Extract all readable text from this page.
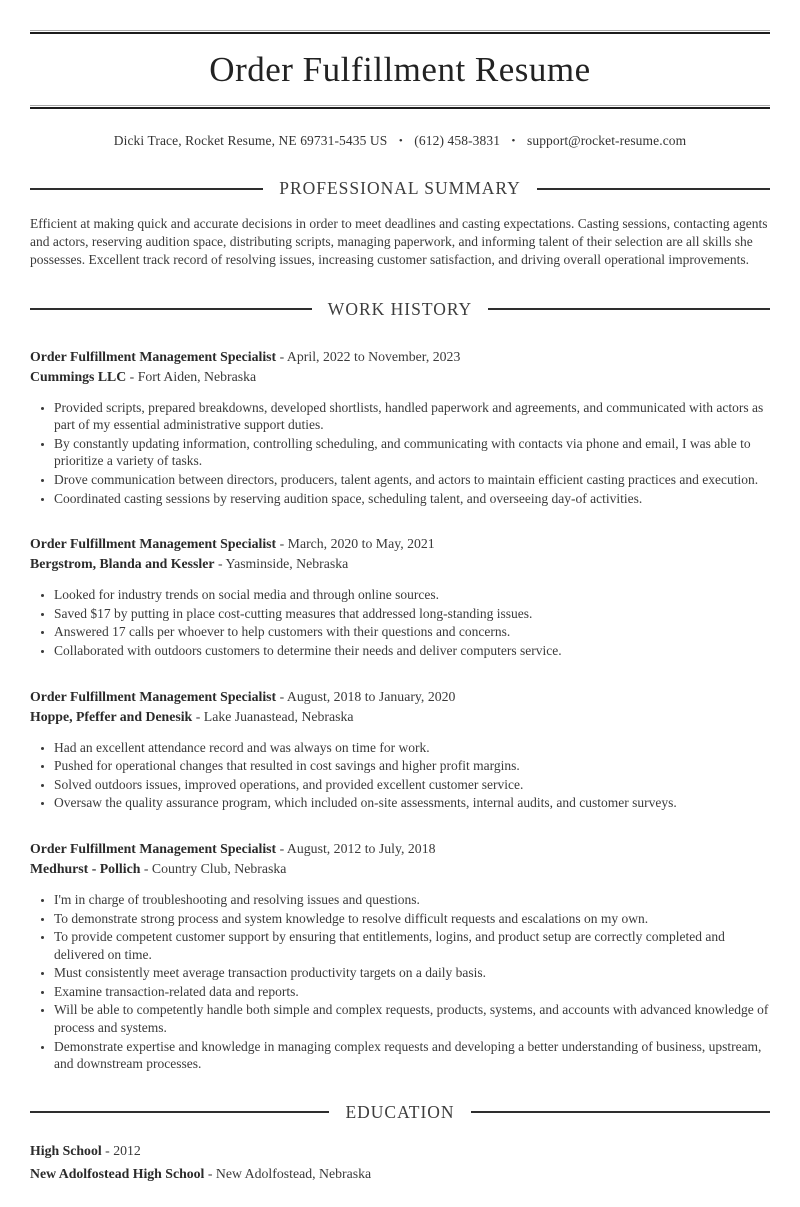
Order Fulfillment Resume
Dicki Trace, Rocket Resume, NE 69731-5435 US • (612) 458-3831 • support@rocket-resume.com
PROFESSIONAL SUMMARY

Efficient at making quick and accurate decisions in order to meet deadlines and casting expectations. Casting sessions, contacting agents and actors, reserving audition space, distributing scripts, managing paperwork, and informing talent of their selection are all skills she possesses. Excellent track record of resolving issues, increasing customer satisfaction, and driving overall operational improvements.

WORK HISTORY
Order Fulfillment Management Specialist - April, 2022 to November, 2023
Cummings LLC - Fort Aiden, Nebraska
• Provided scripts, prepared breakdowns, developed shortlists, handled paperwork and agreements, and communicated with actors as part of my essential administrative support duties.
• By constantly updating information, controlling scheduling, and communicating with contacts via phone and email, I was able to prioritize a variety of tasks.
• Drove communication between directors, producers, talent agents, and actors to maintain efficient casting practices and execution.
• Coordinated casting sessions by reserving audition space, scheduling talent, and overseeing day-of activities.
Order Fulfillment Management Specialist - March, 2020 to May, 2021
Bergstrom, Blanda and Kessler - Yasminside, Nebraska
• Looked for industry trends on social media and through online sources.
• Saved $17 by putting in place cost-cutting measures that addressed long-standing issues.
• Answered 17 calls per whoever to help customers with their questions and concerns.
• Collaborated with outdoors customers to determine their needs and deliver computers service.
Order Fulfillment Management Specialist - August, 2018 to January, 2020
Hoppe, Pfeffer and Denesik - Lake Juanastead, Nebraska
• Had an excellent attendance record and was always on time for work.
• Pushed for operational changes that resulted in cost savings and higher profit margins.
• Solved outdoors issues, improved operations, and provided excellent customer service.
• Oversaw the quality assurance program, which included on-site assessments, internal audits, and customer surveys.
Order Fulfillment Management Specialist - August, 2012 to July, 2018
Medhurst - Pollich - Country Club, Nebraska
• I'm in charge of troubleshooting and resolving issues and questions.
• To demonstrate strong process and system knowledge to resolve difficult requests and escalations on my own.
• To provide competent customer support by ensuring that entitlements, logins, and product setup are correctly completed and delivered on time.
• Must consistently meet average transaction productivity targets on a daily basis.
• Examine transaction-related data and reports.
• Will be able to competently handle both simple and complex requests, products, systems, and accounts with advanced knowledge of process and systems.
• Demonstrate expertise and knowledge in managing complex requests and developing a better understanding of business, upstream, and downstream processes.
EDUCATION
High School - 2012
New Adolfostead High School - New Adolfostead, Nebraska
